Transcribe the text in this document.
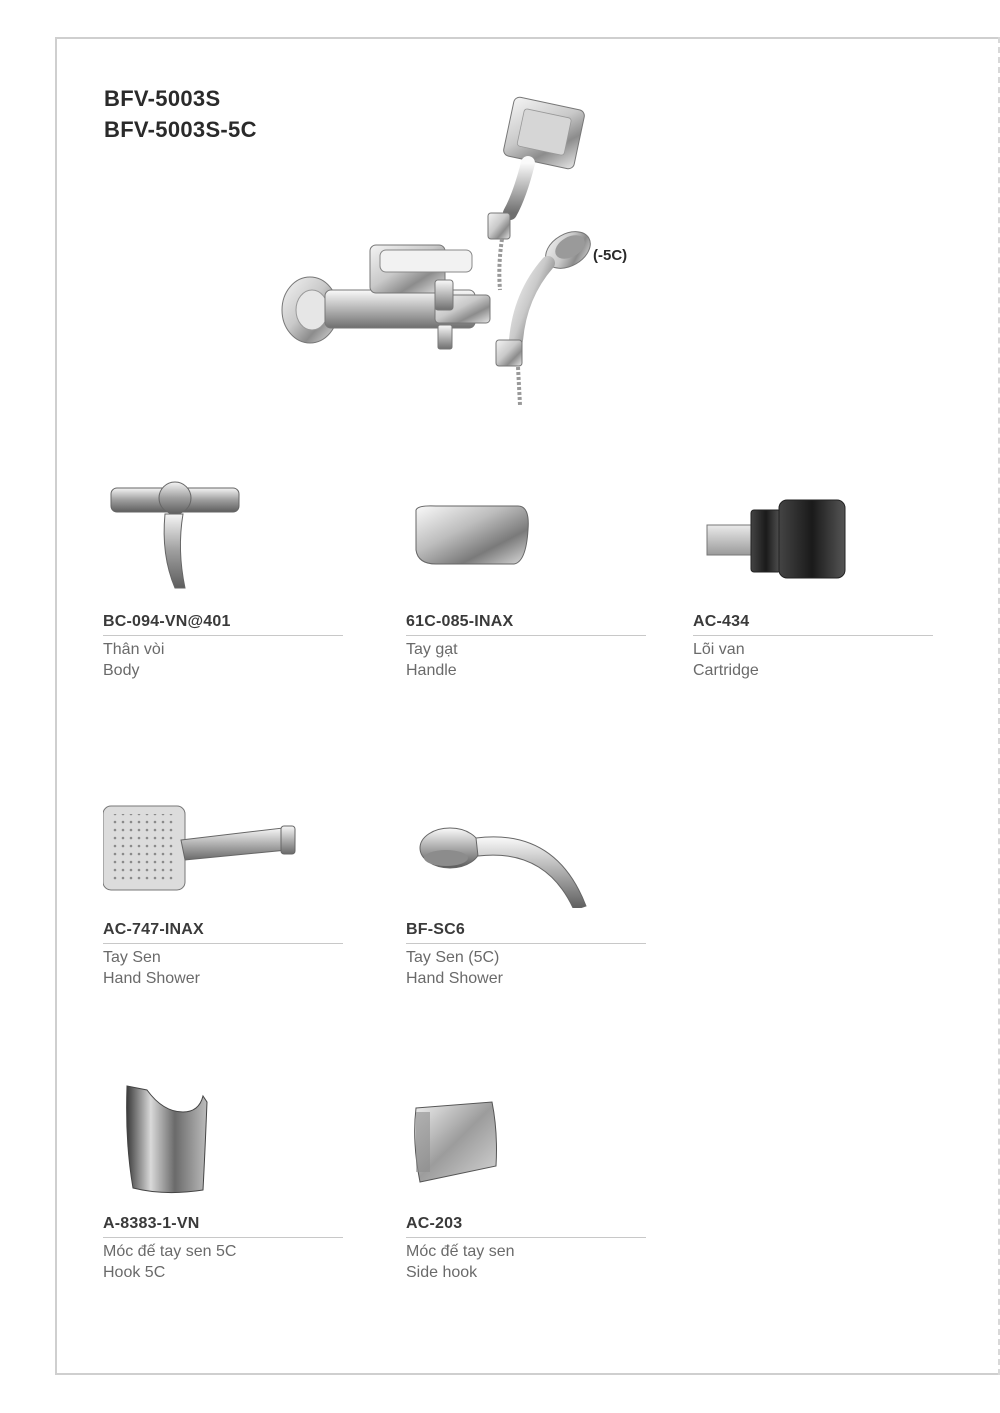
BFV-5003S
BFV-5003S-5C
(-5C)
BC-094-VN@401
Thân vòi
Body
61C-085-INAX
Tay gạt
Handle
AC-434
Lõi van
Cartridge
AC-747-INAX
Tay Sen
Hand Shower
BF-SC6
Tay Sen (5C)
Hand Shower
A-8383-1-VN
Móc đế tay sen 5C
Hook 5C
AC-203
Móc đế tay sen
Side hook
